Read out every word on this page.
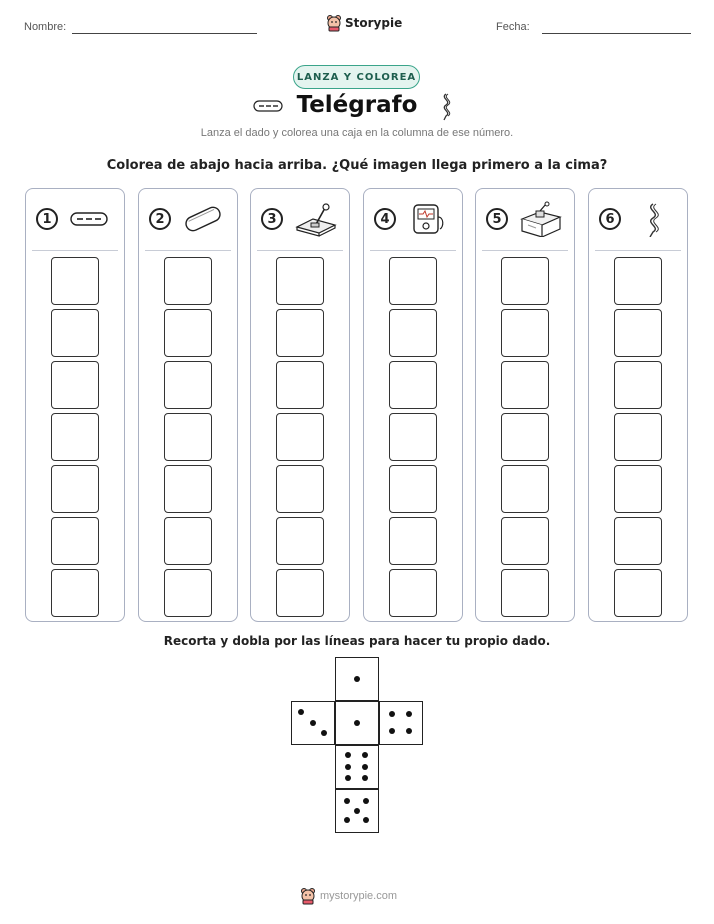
Nombre:	Storypie	Fecha:
LANZA Y COLOREA
Telégrafo
Lanza el dado y colorea una caja en la columna de ese número.
Colorea de abajo hacia arriba. ¿Qué imagen llega primero a la cima?
1	2	3	4	5	6
Recorta y dobla por las líneas para hacer tu propio dado.
mystorypie.com
